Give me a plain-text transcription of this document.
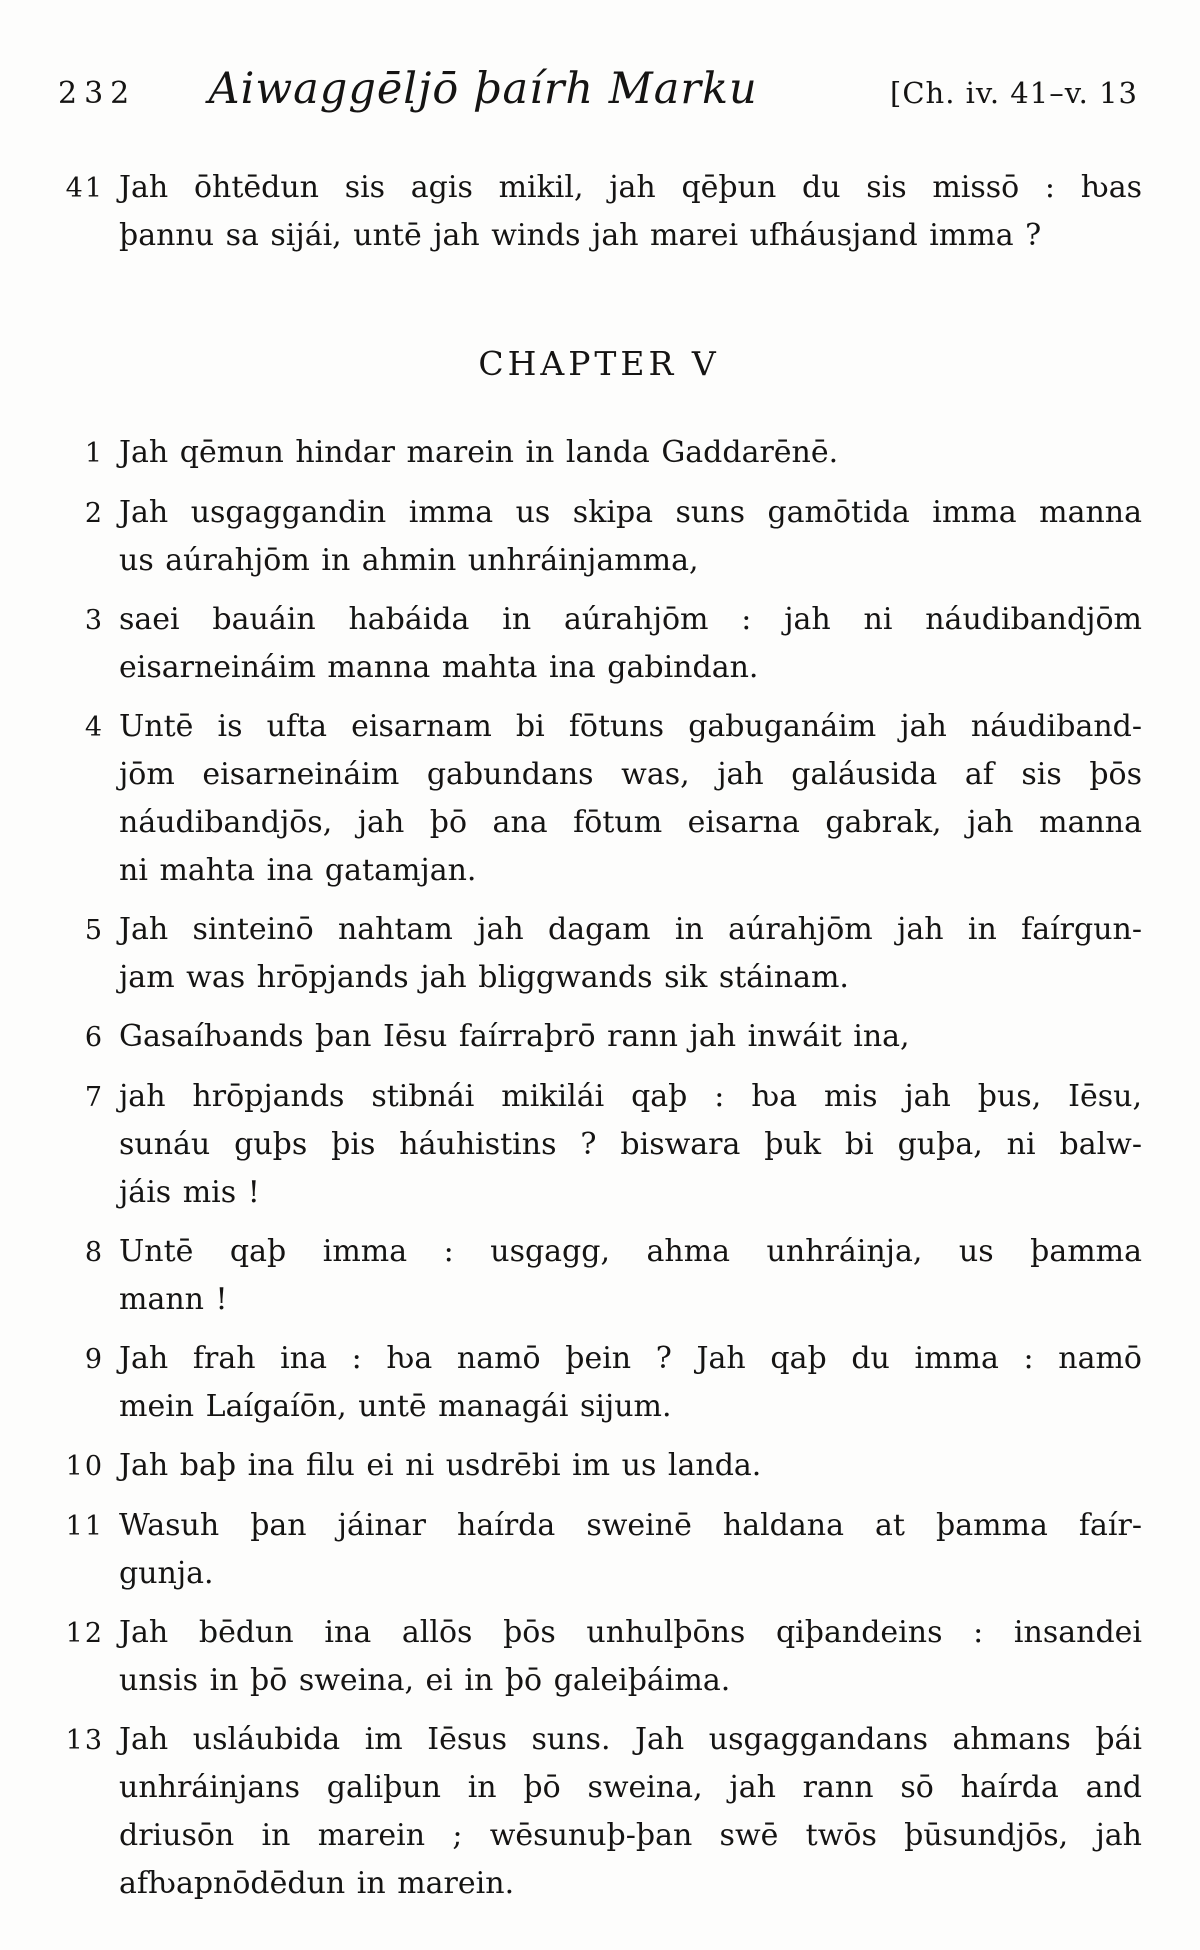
232 Aiwaggēljō þaírh Marku	[Ch. iv. 41–v. 13
41 Jah ōhtēdun sis agis mikil, jah qēþun du sis missō : ƕas
þannu sa sijái, untē jah winds jah marei ufháusjand imma ?
CHAPTER V
1 Jah qēmun hindar marein in landa Gaddarēnē.
2 Jah usgaggandin imma us skipa suns gamōtida imma manna
us aúrahjōm in ahmin unhráinjamma,
3 saei bauáin habáida in aúrahjōm : jah ni náudibandjōm
eisarneináim manna mahta ina gabindan.
4 Untē is ufta eisarnam bi fōtuns gabuganáim jah náudiband-
jōm eisarneináim gabundans was, jah galáusida af sis þōs
náudibandjōs, jah þō ana fōtum eisarna gabrak, jah manna
ni mahta ina gatamjan.
5 Jah sinteinō nahtam jah dagam in aúrahjōm jah in faírgun-
jam was hrōpjands jah bliggwands sik stáinam.
6 Gasaíƕands þan Iēsu faírraþrō rann jah inwáit ina,
7 jah hrōpjands stibnái mikilái qaþ : ƕa mis jah þus, Iēsu,
sunáu guþs þis háuhistins ? biswara þuk bi guþa, ni balw-
jáis mis !
8 Untē qaþ imma : usgagg, ahma unhráinja, us þamma
mann !
9 Jah frah ina : ƕa namō þein ? Jah qaþ du imma : namō
mein Laígaíōn, untē managái sijum.
10 Jah baþ ina filu ei ni usdrēbi im us landa.
11 Wasuh þan jáinar haírda sweinē haldana at þamma faír-
gunja.
12 Jah bēdun ina allōs þōs unhulþōns qiþandeins : insandei
unsis in þō sweina, ei in þō galeiþáima.
13 Jah usláubida im Iēsus suns. Jah usgaggandans ahmans þái
unhráinjans galiþun in þō sweina, jah rann sō haírda and
driusōn in marein ; wēsunuþ-þan swē twōs þūsundjōs, jah
afƕapnōdēdun in marein.
